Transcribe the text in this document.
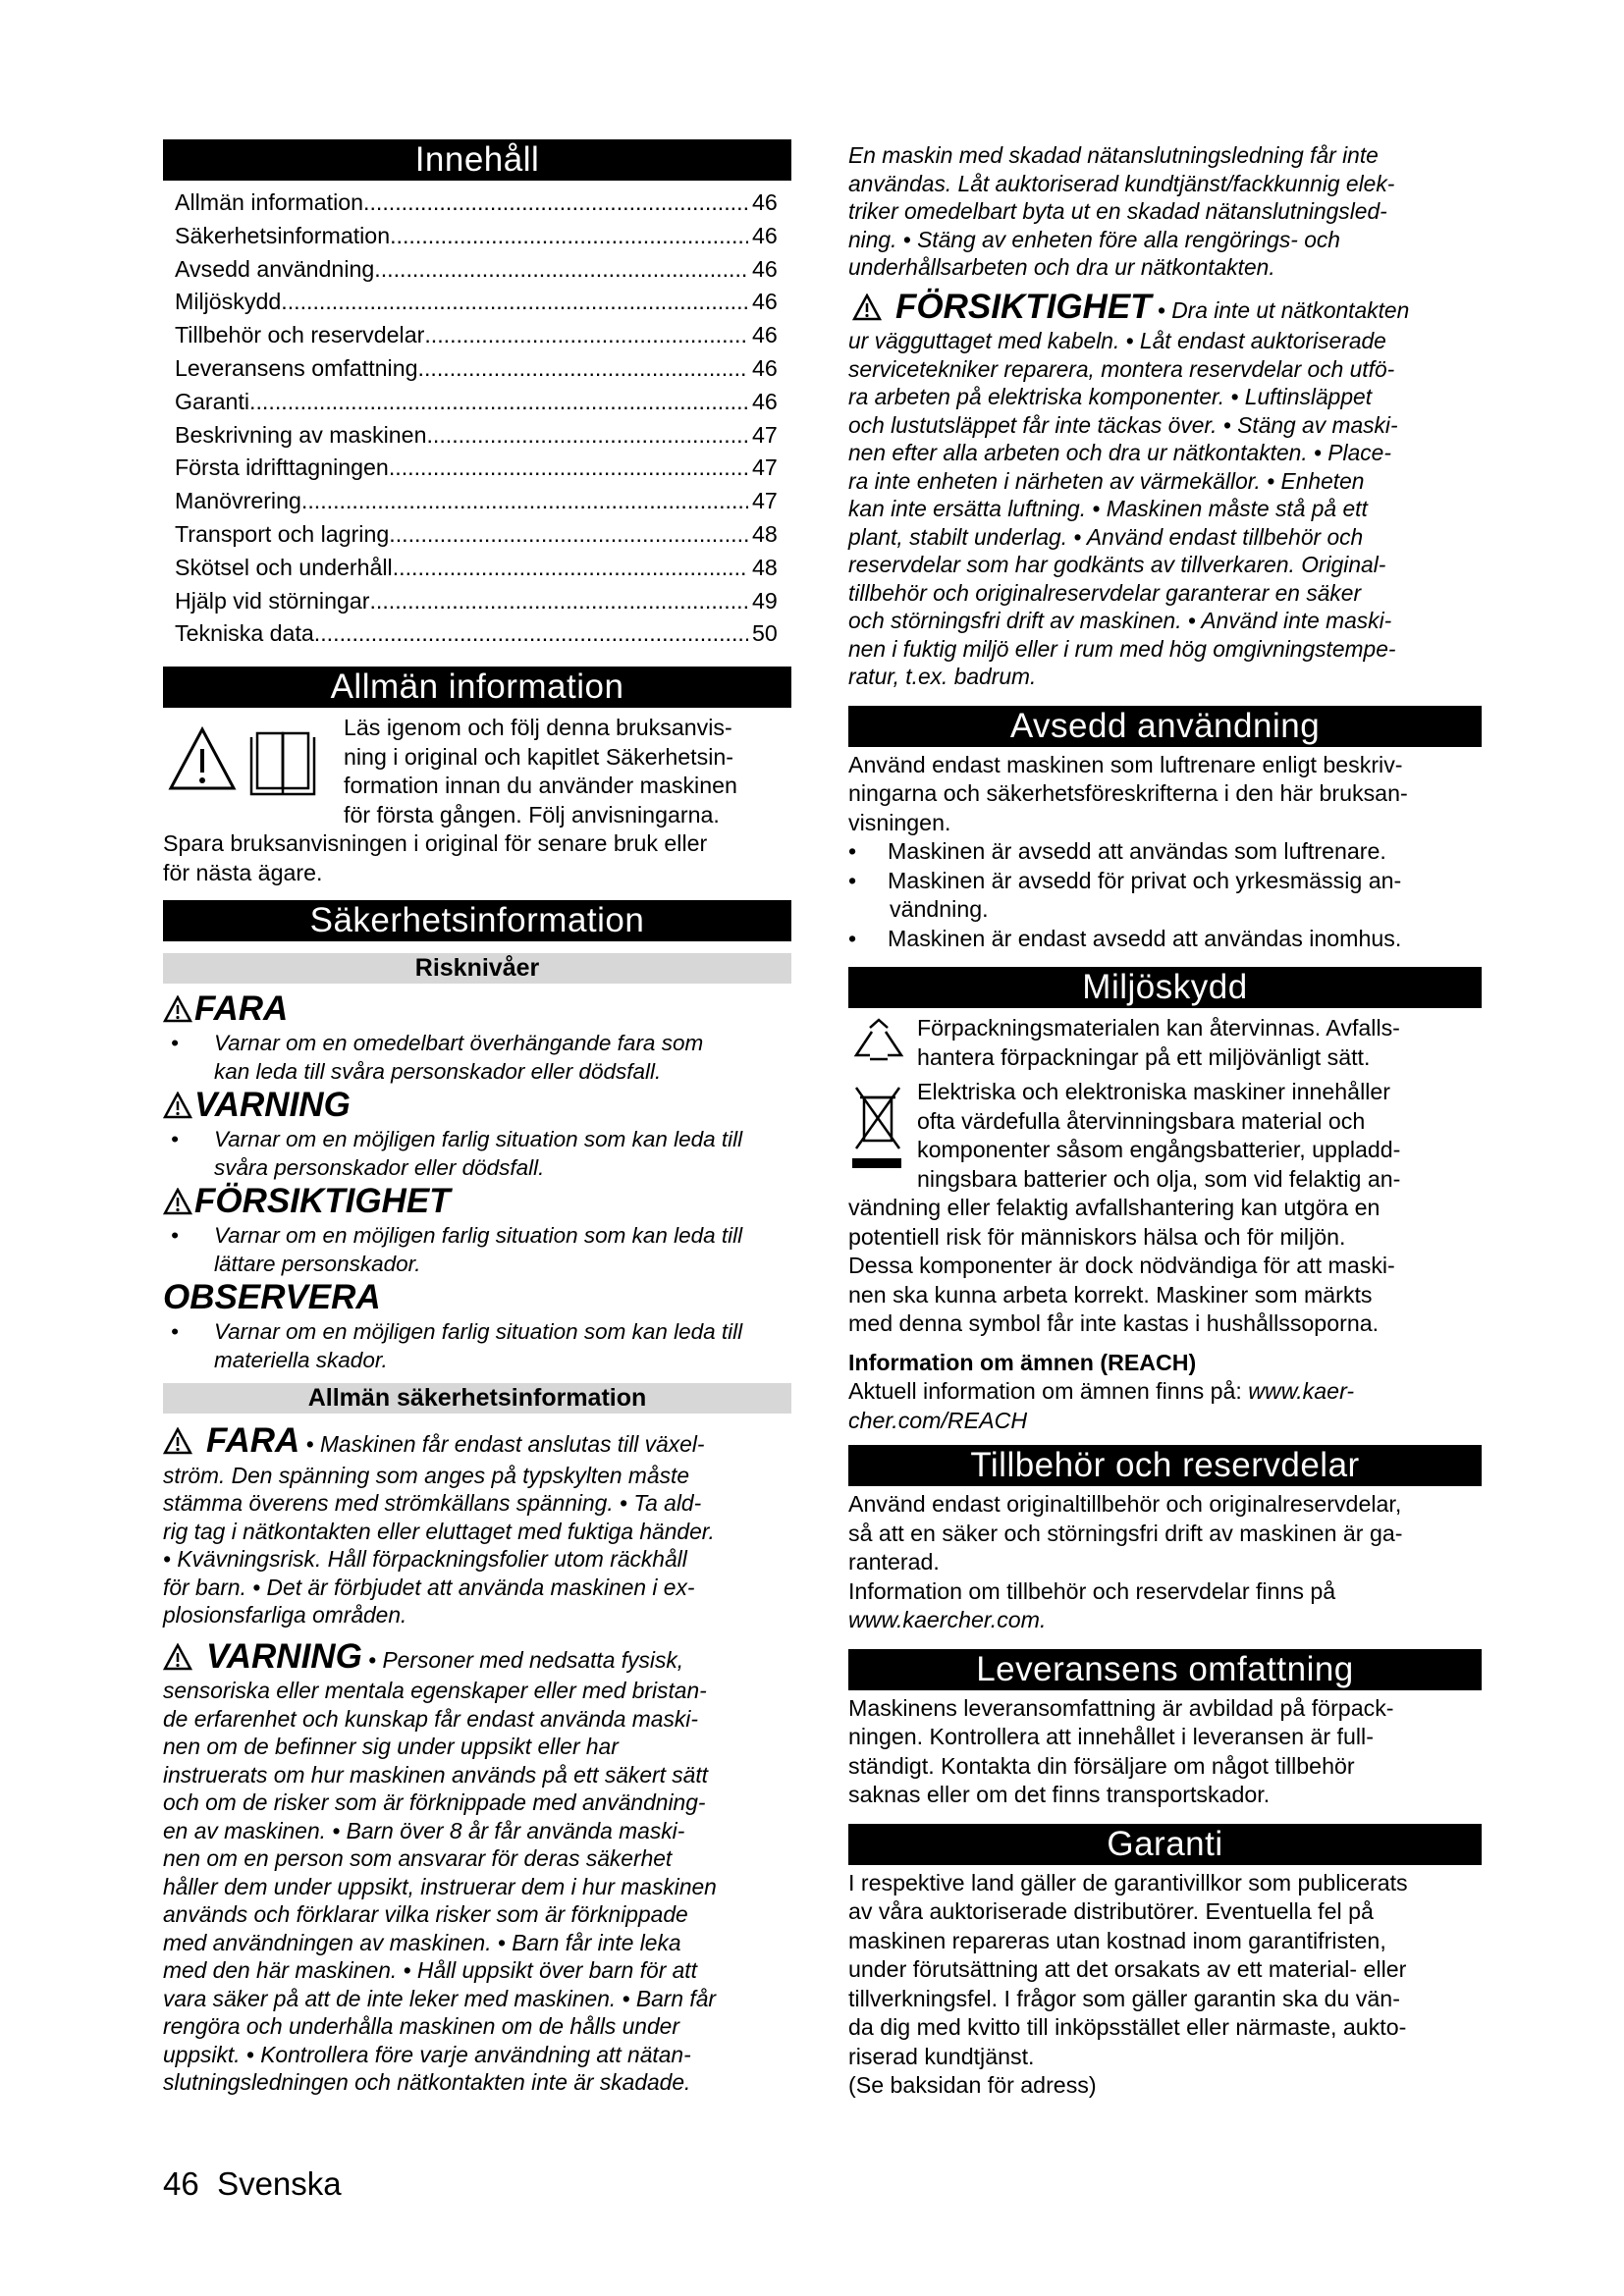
Innehåll
Allmän information .....	46
Säkerhetsinformation .....	46
Avsedd användning .....	46
Miljöskydd .....	46
Tillbehör och reservdelar .....	46
Leveransens omfattning .....	46
Garanti .....	46
Beskrivning av maskinen .....	47
Första idrifttagningen .....	47
Manövrering .....	47
Transport och lagring .....	48
Skötsel och underhåll .....	48
Hjälp vid störningar .....	49
Tekniska data .....	50
Allmän information

Läs igenom och följ denna bruksanvis-

ning i original och kapitlet Säkerhetsin-

formation innan du använder maskinen

för första gången. Följ anvisningarna.

Spara bruksanvisningen i original för senare bruk eller

för nästa ägare.

Säkerhetsinformation
Risknivåer
FARA
•	Varnar om en omedelbart överhängande fara som
kan leda till svåra personskador eller dödsfall.
VARNING
•	Varnar om en möjligen farlig situation som kan leda till
svåra personskador eller dödsfall.
FÖRSIKTIGHET
•	Varnar om en möjligen farlig situation som kan leda till
lättare personskador.
OBSERVERA
•	Varnar om en möjligen farlig situation som kan leda till
materiella skador.
Allmän säkerhetsinformation
FARA • Maskinen får endast anslutas till växel-
ström. Den spänning som anges på typskylten måste
stämma överens med strömkällans spänning. • Ta ald-
rig tag i nätkontakten eller eluttaget med fuktiga händer.
• Kvävningsrisk. Håll förpackningsfolier utom räckhåll
för barn. • Det är förbjudet att använda maskinen i ex-
plosionsfarliga områden.
VARNING • Personer med nedsatta fysisk,
sensoriska eller mentala egenskaper eller med bristan-
de erfarenhet och kunskap får endast använda maski-
nen om de befinner sig under uppsikt eller har
instruerats om hur maskinen används på ett säkert sätt
och om de risker som är förknippade med användning-
en av maskinen. • Barn över 8 år får använda maski-
nen om en person som ansvarar för deras säkerhet
håller dem under uppsikt, instruerar dem i hur maskinen
används och förklarar vilka risker som är förknippade
med användningen av maskinen. • Barn får inte leka
med den här maskinen. • Håll uppsikt över barn för att
vara säker på att de inte leker med maskinen. • Barn får
rengöra och underhålla maskinen om de hålls under
uppsikt. • Kontrollera före varje användning att nätan-
slutningsledningen och nätkontakten inte är skadade.
En maskin med skadad nätanslutningsledning får inte
användas. Låt auktoriserad kundtjänst/fackkunnig elek-
triker omedelbart byta ut en skadad nätanslutningsled-
ning. • Stäng av enheten före alla rengörings- och
underhållsarbeten och dra ur nätkontakten.
FÖRSIKTIGHET • Dra inte ut nätkontakten
ur vägguttaget med kabeln. • Låt endast auktoriserade
servicetekniker reparera, montera reservdelar och utfö-
ra arbeten på elektriska komponenter. • Luftinsläppet
och lustutsläppet får inte täckas över. • Stäng av maski-
nen efter alla arbeten och dra ur nätkontakten. • Place-
ra inte enheten i närheten av värmekällor. • Enheten
kan inte ersätta luftning. • Maskinen måste stå på ett
plant, stabilt underlag. • Använd endast tillbehör och
reservdelar som har godkänts av tillverkaren. Original-
tillbehör och originalreservdelar garanterar en säker
och störningsfri drift av maskinen. • Använd inte maski-
nen i fuktig miljö eller i rum med hög omgivningstempe-
ratur, t.ex. badrum.
Avsedd användning

Använd endast maskinen som luftrenare enligt beskriv-

ningarna och säkerhetsföreskrifterna i den här bruksan-

visningen.

•	Maskinen är avsedd att användas som luftrenare.
•	Maskinen är avsedd för privat och yrkesmässig an-
vändning.
•	Maskinen är endast avsedd att användas inomhus.
Miljöskydd

Förpackningsmaterialen kan återvinnas. Avfalls-

hantera förpackningar på ett miljövänligt sätt.

Elektriska och elektroniska maskiner innehåller

ofta värdefulla återvinningsbara material och

komponenter såsom engångsbatterier, uppladd-

ningsbara batterier och olja, som vid felaktig an-

vändning eller felaktig avfallshantering kan utgöra en

potentiell risk för människors hälsa och för miljön.

Dessa komponenter är dock nödvändiga för att maski-

nen ska kunna arbeta korrekt. Maskiner som märkts

med denna symbol får inte kastas i hushållssoporna.

Information om ämnen (REACH)

Aktuell information om ämnen finns på: www.kaer-

cher.com/REACH

Tillbehör och reservdelar

Använd endast originaltillbehör och originalreservdelar,

så att en säker och störningsfri drift av maskinen är ga-

ranterad.

Information om tillbehör och reservdelar finns på

www.kaercher.com.

Leveransens omfattning

Maskinens leveransomfattning är avbildad på förpack-

ningen. Kontrollera att innehållet i leveransen är full-

ständigt. Kontakta din försäljare om något tillbehör

saknas eller om det finns transportskador.

Garanti

I respektive land gäller de garantivillkor som publicerats

av våra auktoriserade distributörer. Eventuella fel på

maskinen repareras utan kostnad inom garantifristen,

under förutsättning att det orsakats av ett material- eller

tillverkningsfel. I frågor som gäller garantin ska du vän-

da dig med kvitto till inköpsstället eller närmaste, aukto-

riserad kundtjänst.

(Se baksidan för adress)

46 Svenska
